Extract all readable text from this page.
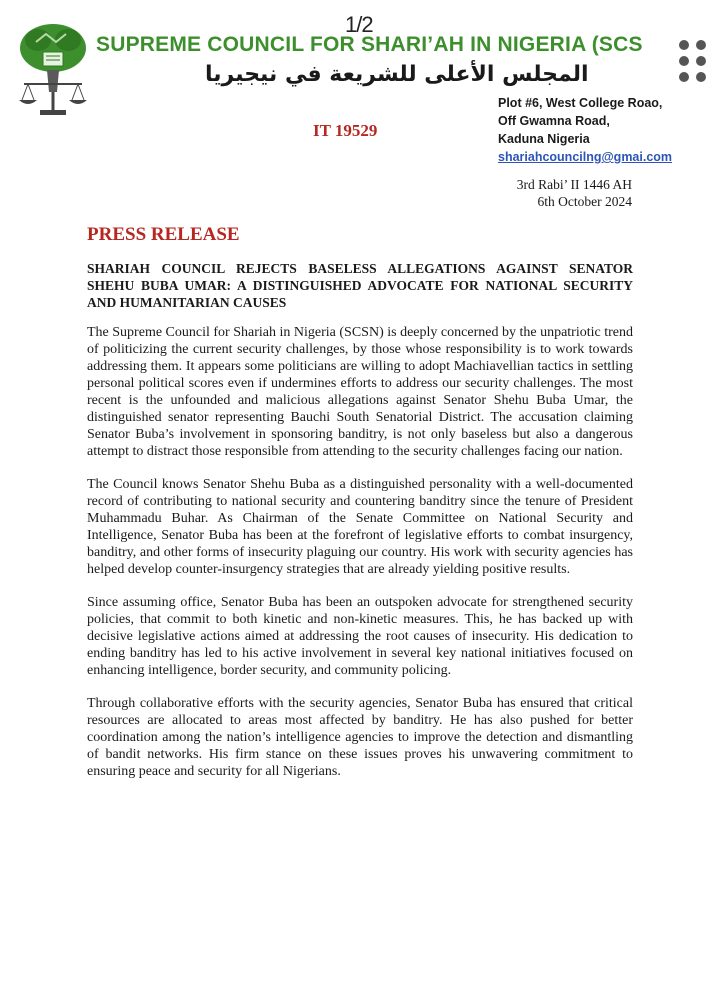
1/2
SUPREME COUNCIL FOR SHARI’AH IN NIGERIA (SCS
المجلس الأعلى للشريعة في نيجيريا
Plot #6, West College Roao,
Off Gwamna Road,
Kaduna Nigeria
shariahcouncilng@gmai.com
IT 19529
3rd Rabi’ II 1446 AH
6th October 2024
PRESS RELEASE
SHARIAH COUNCIL REJECTS BASELESS ALLEGATIONS AGAINST SENATOR SHEHU BUBA UMAR: A DISTINGUISHED ADVOCATE FOR NATIONAL SECURITY AND HUMANITARIAN CAUSES

The Supreme Council for Shariah in Nigeria (SCSN) is deeply concerned by the unpatriotic trend of politicizing the current security challenges, by those whose responsibility is to work towards addressing them. It appears some politicians are willing to adopt Machiavellian tactics in settling personal political scores even if undermines efforts to address our security challenges. The most recent is the unfounded and malicious allegations against Senator Shehu Buba Umar, the distinguished senator representing Bauchi South Senatorial District. The accusation claiming Senator Buba’s involvement in sponsoring banditry, is not only baseless but also a dangerous attempt to distract those responsible from attending to the security challenges facing our nation.

The Council knows Senator Shehu Buba as a distinguished personality with a well-documented record of contributing to national security and countering banditry since the tenure of President Muhammadu Buhar. As Chairman of the Senate Committee on National Security and Intelligence, Senator Buba has been at the forefront of legislative efforts to combat insurgency, banditry, and other forms of insecurity plaguing our country. His work with security agencies has helped develop counter-insurgency strategies that are already yielding positive results.

Since assuming office, Senator Buba has been an outspoken advocate for strengthened security policies, that commit to both kinetic and non-kinetic measures. This, he has backed up with decisive legislative actions aimed at addressing the root causes of insecurity. His dedication to ending banditry has led to his active involvement in several key national initiatives focused on enhancing intelligence, border security, and community policing.

Through collaborative efforts with the security agencies, Senator Buba has ensured that critical resources are allocated to areas most affected by banditry. He has also pushed for better coordination among the nation’s intelligence agencies to improve the detection and dismantling of bandit networks. His firm stance on these issues proves his unwavering commitment to ensuring peace and security for all Nigerians.
